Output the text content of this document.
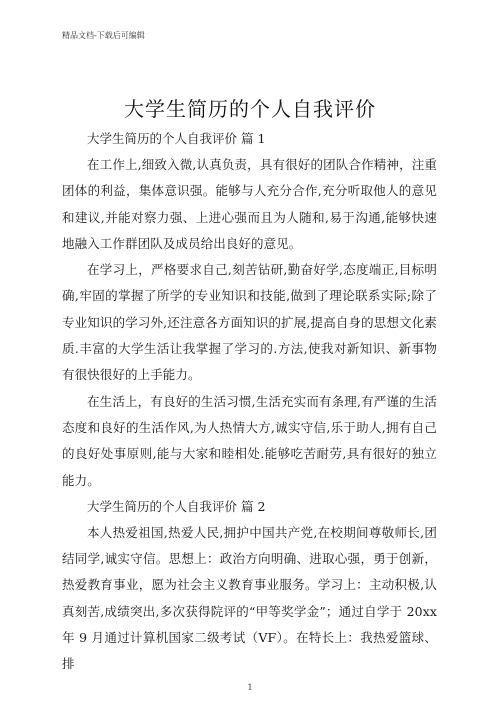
精品文档-下载后可编辑
大学生简历的个人自我评价

大学生简历的个人自我评价 篇 1

在工作上,细致入微,认真负责，具有很好的团队合作精神，注重团体的利益，集体意识强。能够与人充分合作,充分听取他人的意见和建议,并能对察力强、上进心强而且为人随和,易于沟通,能够快速地融入工作群团队及成员给出良好的意见。

在学习上，严格要求自己,刻苦钻研,勤奋好学,态度端正,目标明确,牢固的掌握了所学的专业知识和技能,做到了理论联系实际;除了专业知识的学习外,还注意各方面知识的扩展,提高自身的思想文化素质.丰富的大学生活让我掌握了学习的.方法,使我对新知识、新事物有很快很好的上手能力。

在生活上，有良好的生活习惯,生活充实而有条理,有严谨的生活态度和良好的生活作风,为人热情大方,诚实守信,乐于助人,拥有自己的良好处事原则,能与大家和睦相处.能够吃苦耐劳,具有很好的独立能力。

大学生简历的个人自我评价 篇 2

本人热爱祖国,热爱人民,拥护中国共产党,在校期间尊敬师长,团结同学,诚实守信。思想上：政治方向明确、进取心强，勇于创新，热爱教育事业，愿为社会主义教育事业服务。学习上：主动积极,认真刻苦,成绩突出,多次获得院评的“甲等奖学金”；通过自学于 20xx 年 9 月通过计算机国家二级考试（VF）。在特长上：我热爱篮球、排

1
